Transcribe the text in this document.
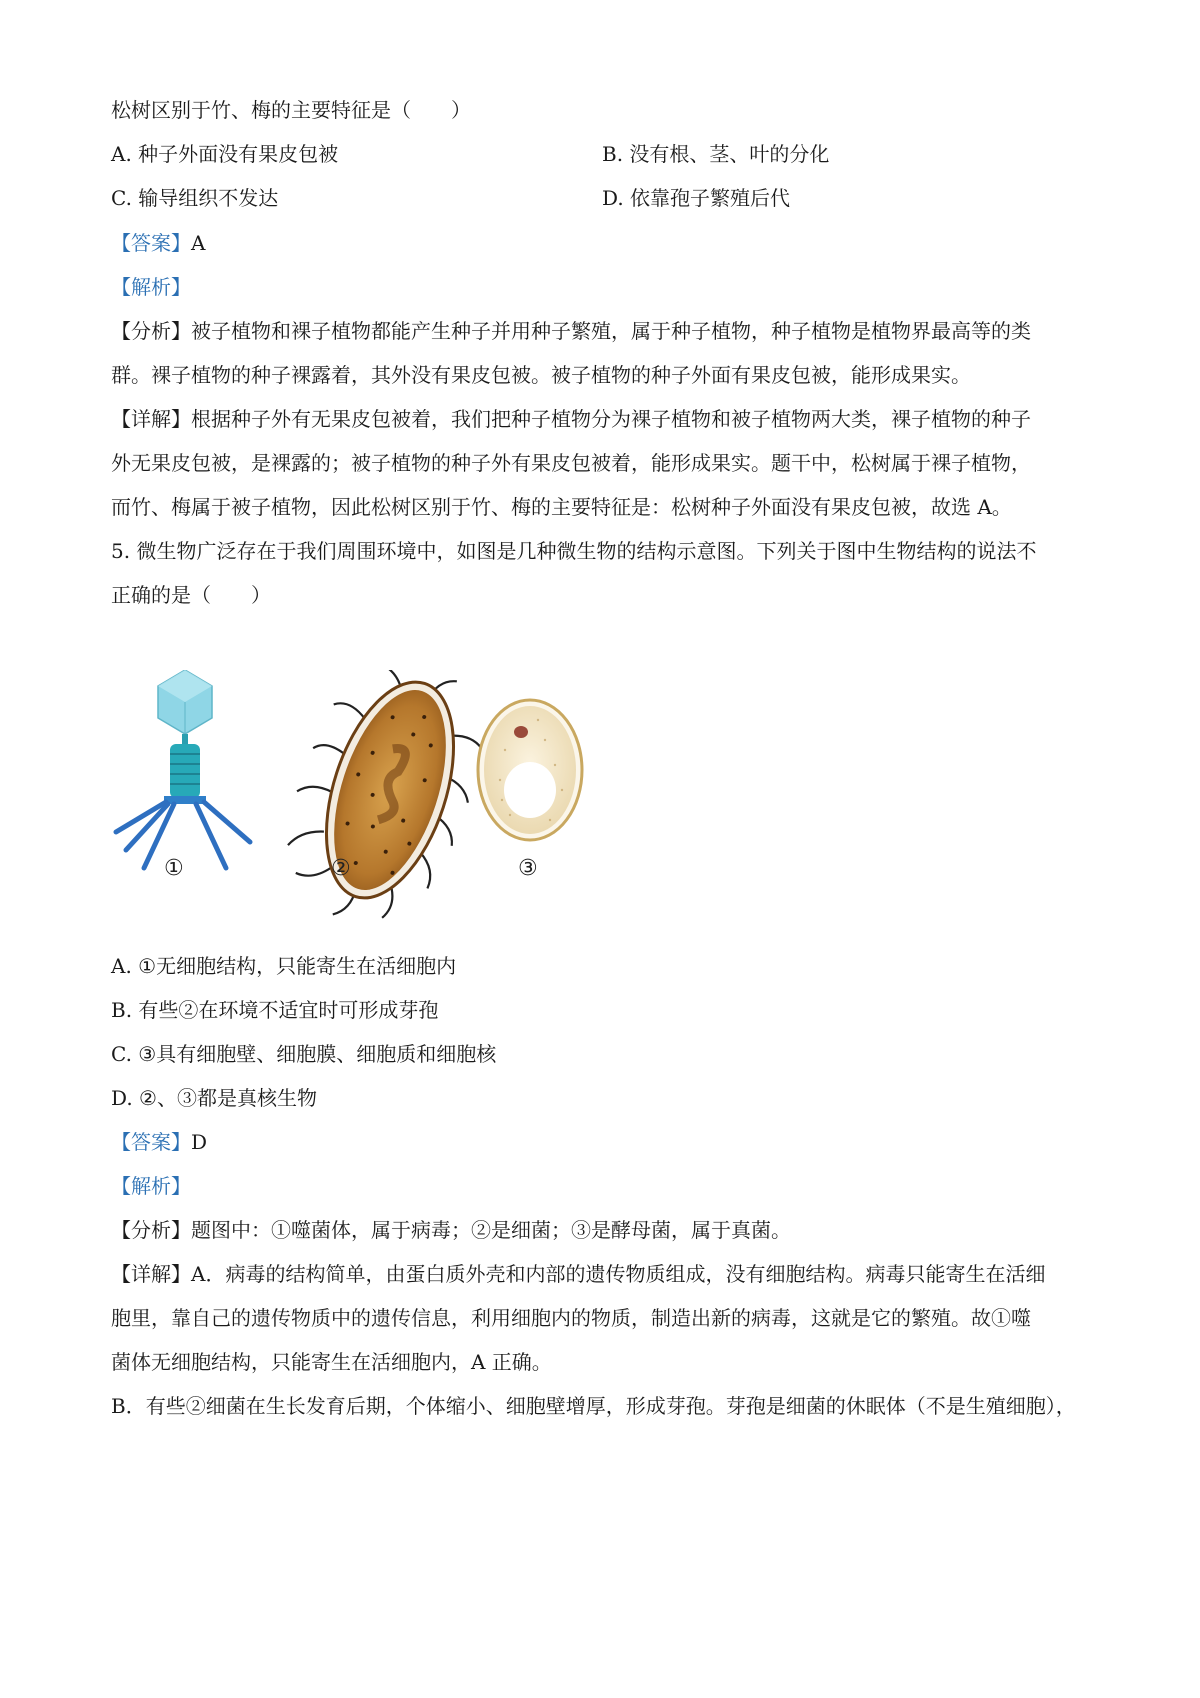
松树区别于竹、梅的主要特征是（　　）
A. 种子外面没有果皮包被	B. 没有根、茎、叶的分化
C. 输导组织不发达	D. 依靠孢子繁殖后代
【答案】A
【解析】
【分析】被子植物和裸子植物都能产生种子并用种子繁殖，属于种子植物，种子植物是植物界最高等的类
群。裸子植物的种子裸露着，其外没有果皮包被。被子植物的种子外面有果皮包被，能形成果实。
【详解】根据种子外有无果皮包被着，我们把种子植物分为裸子植物和被子植物两大类，裸子植物的种子
外无果皮包被，是裸露的；被子植物的种子外有果皮包被着，能形成果实。题干中，松树属于裸子植物，
而竹、梅属于被子植物，因此松树区别于竹、梅的主要特征是：松树种子外面没有果皮包被，故选 A。
5. 微生物广泛存在于我们周围环境中，如图是几种微生物的结构示意图。下列关于图中生物结构的说法不
正确的是（　　）
①	②	③
A. ①无细胞结构，只能寄生在活细胞内
B. 有些②在环境不适宜时可形成芽孢
C. ③具有细胞壁、细胞膜、细胞质和细胞核
D. ②、③都是真核生物
【答案】D
【解析】
【分析】题图中：①噬菌体，属于病毒；②是细菌；③是酵母菌，属于真菌。
【详解】A．病毒的结构简单，由蛋白质外壳和内部的遗传物质组成，没有细胞结构。病毒只能寄生在活细
胞里，靠自己的遗传物质中的遗传信息，利用细胞内的物质，制造出新的病毒，这就是它的繁殖。故①噬
菌体无细胞结构，只能寄生在活细胞内，A 正确。
B．有些②细菌在生长发育后期，个体缩小、细胞壁增厚，形成芽孢。芽孢是细菌的休眠体（不是生殖细胞），
